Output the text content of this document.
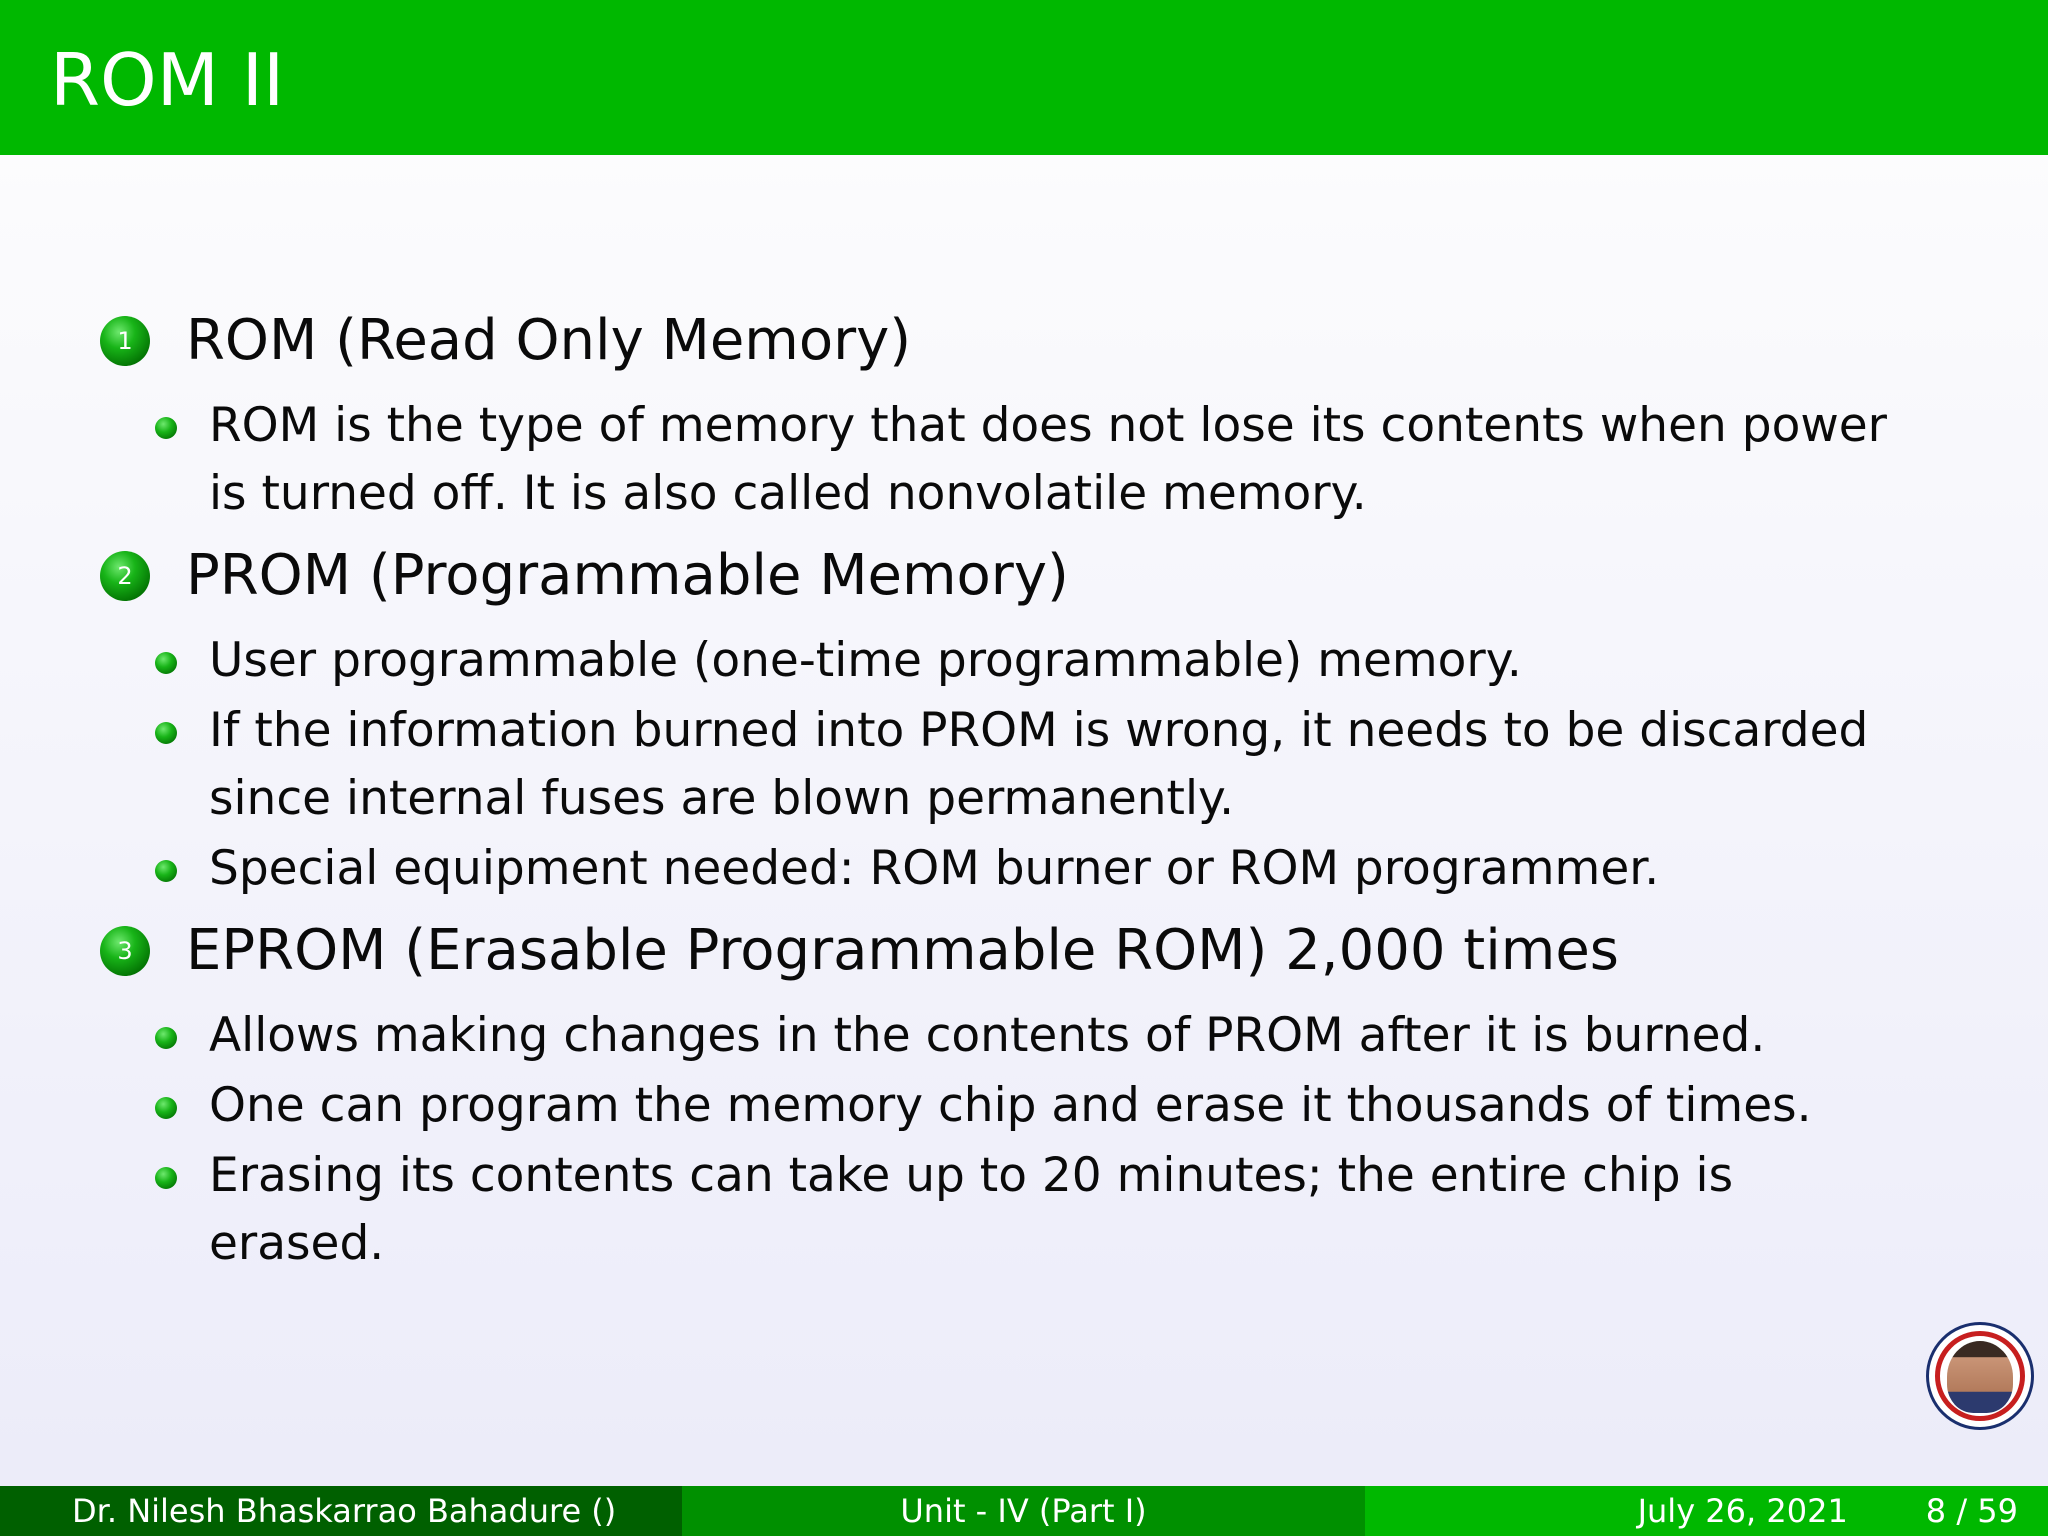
ROM II
1 ROM (Read Only Memory)
ROM is the type of memory that does not lose its contents when power is turned off. It is also called nonvolatile memory.
2 PROM (Programmable Memory)
User programmable (one-time programmable) memory.
If the information burned into PROM is wrong, it needs to be discarded since internal fuses are blown permanently.
Special equipment needed: ROM burner or ROM programmer.
3 EPROM (Erasable Programmable ROM) 2,000 times
Allows making changes in the contents of PROM after it is burned.
One can program the memory chip and erase it thousands of times.
Erasing its contents can take up to 20 minutes; the entire chip is erased.
Dr. Nilesh Bhaskarrao Bahadure ()	Unit - IV (Part I)	July 26, 2021 8 / 59
